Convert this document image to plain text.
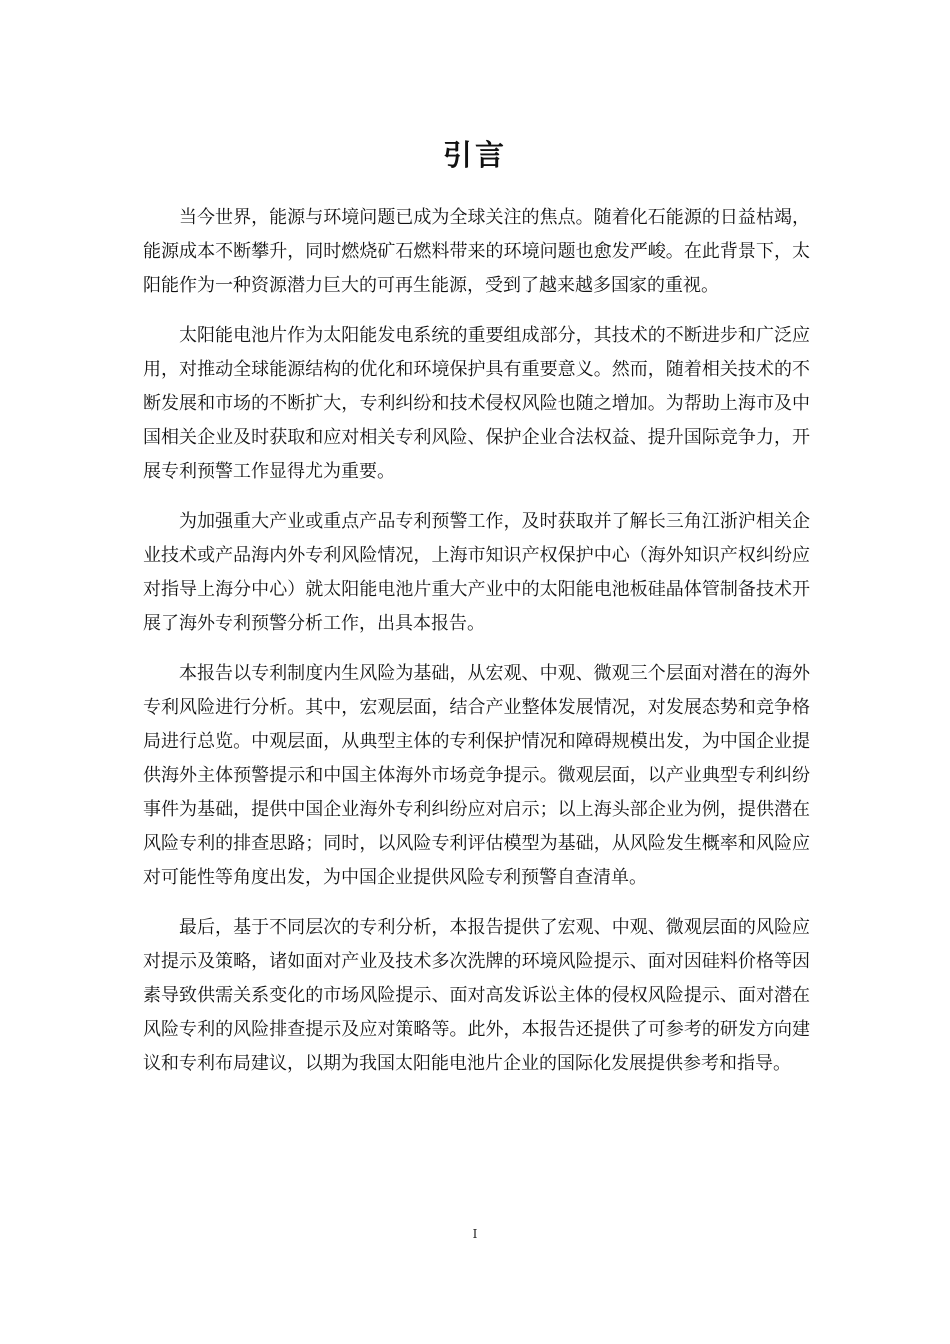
引言

当今世界，能源与环境问题已成为全球关注的焦点。随着化石能源的日益枯竭，能源成本不断攀升，同时燃烧矿石燃料带来的环境问题也愈发严峻。在此背景下，太阳能作为一种资源潜力巨大的可再生能源，受到了越来越多国家的重视。

太阳能电池片作为太阳能发电系统的重要组成部分，其技术的不断进步和广泛应用，对推动全球能源结构的优化和环境保护具有重要意义。然而，随着相关技术的不断发展和市场的不断扩大，专利纠纷和技术侵权风险也随之增加。为帮助上海市及中国相关企业及时获取和应对相关专利风险、保护企业合法权益、提升国际竞争力，开展专利预警工作显得尤为重要。

为加强重大产业或重点产品专利预警工作，及时获取并了解长三角江浙沪相关企业技术或产品海内外专利风险情况，上海市知识产权保护中心（海外知识产权纠纷应对指导上海分中心）就太阳能电池片重大产业中的太阳能电池板硅晶体管制备技术开展了海外专利预警分析工作，出具本报告。

本报告以专利制度内生风险为基础，从宏观、中观、微观三个层面对潜在的海外专利风险进行分析。其中，宏观层面，结合产业整体发展情况，对发展态势和竞争格局进行总览。中观层面，从典型主体的专利保护情况和障碍规模出发，为中国企业提供海外主体预警提示和中国主体海外市场竞争提示。微观层面，以产业典型专利纠纷事件为基础，提供中国企业海外专利纠纷应对启示；以上海头部企业为例，提供潜在风险专利的排查思路；同时，以风险专利评估模型为基础，从风险发生概率和风险应对可能性等角度出发，为中国企业提供风险专利预警自查清单。

最后，基于不同层次的专利分析，本报告提供了宏观、中观、微观层面的风险应对提示及策略，诸如面对产业及技术多次洗牌的环境风险提示、面对因硅料价格等因素导致供需关系变化的市场风险提示、面对高发诉讼主体的侵权风险提示、面对潜在风险专利的风险排查提示及应对策略等。此外，本报告还提供了可参考的研发方向建议和专利布局建议，以期为我国太阳能电池片企业的国际化发展提供参考和指导。

I
